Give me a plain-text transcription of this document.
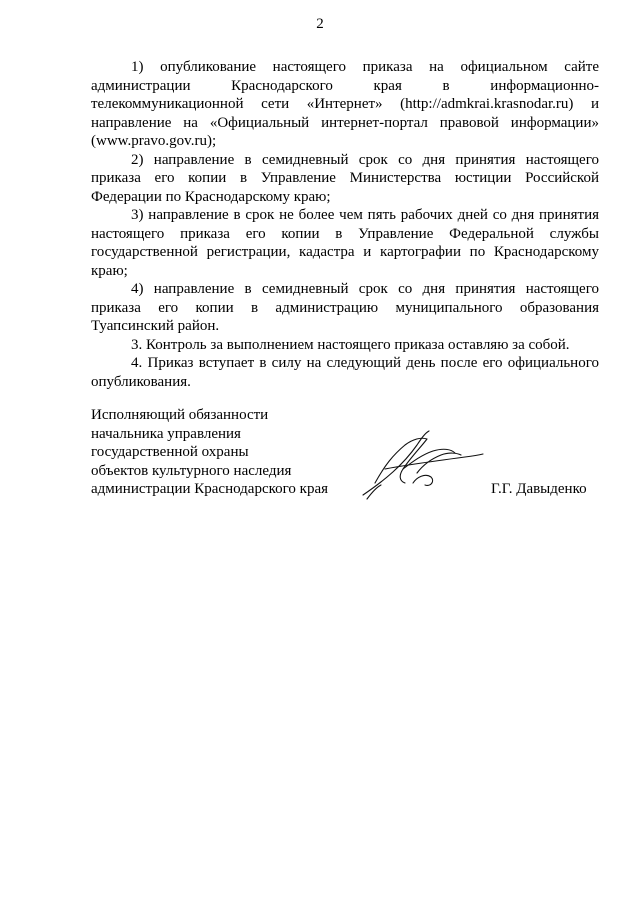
2

1) опубликование настоящего приказа на официальном сайте администрации Краснодарского края в информационно-телекоммуникационной сети «Интернет» (http://admkrai.krasnodar.ru) и направление на «Официальный интернет-портал правовой информации» (www.pravo.gov.ru);

2) направление в семидневный срок со дня принятия настоящего приказа его копии в Управление Министерства юстиции Российской Федерации по Краснодарскому краю;

3) направление в срок не более чем пять рабочих дней со дня принятия настоящего приказа его копии в Управление Федеральной службы государственной регистрации, кадастра и картографии по Краснодарскому краю;

4) направление в семидневный срок со дня принятия настоящего приказа его копии в администрацию муниципального образования Туапсинский район.

3. Контроль за выполнением настоящего приказа оставляю за собой.

4. Приказ вступает в силу на следующий день после его официального опубликования.

Исполняющий обязанности
начальника управления
государственной охраны
объектов культурного наследия
администрации Краснодарского края	Г.Г. Давыденко
